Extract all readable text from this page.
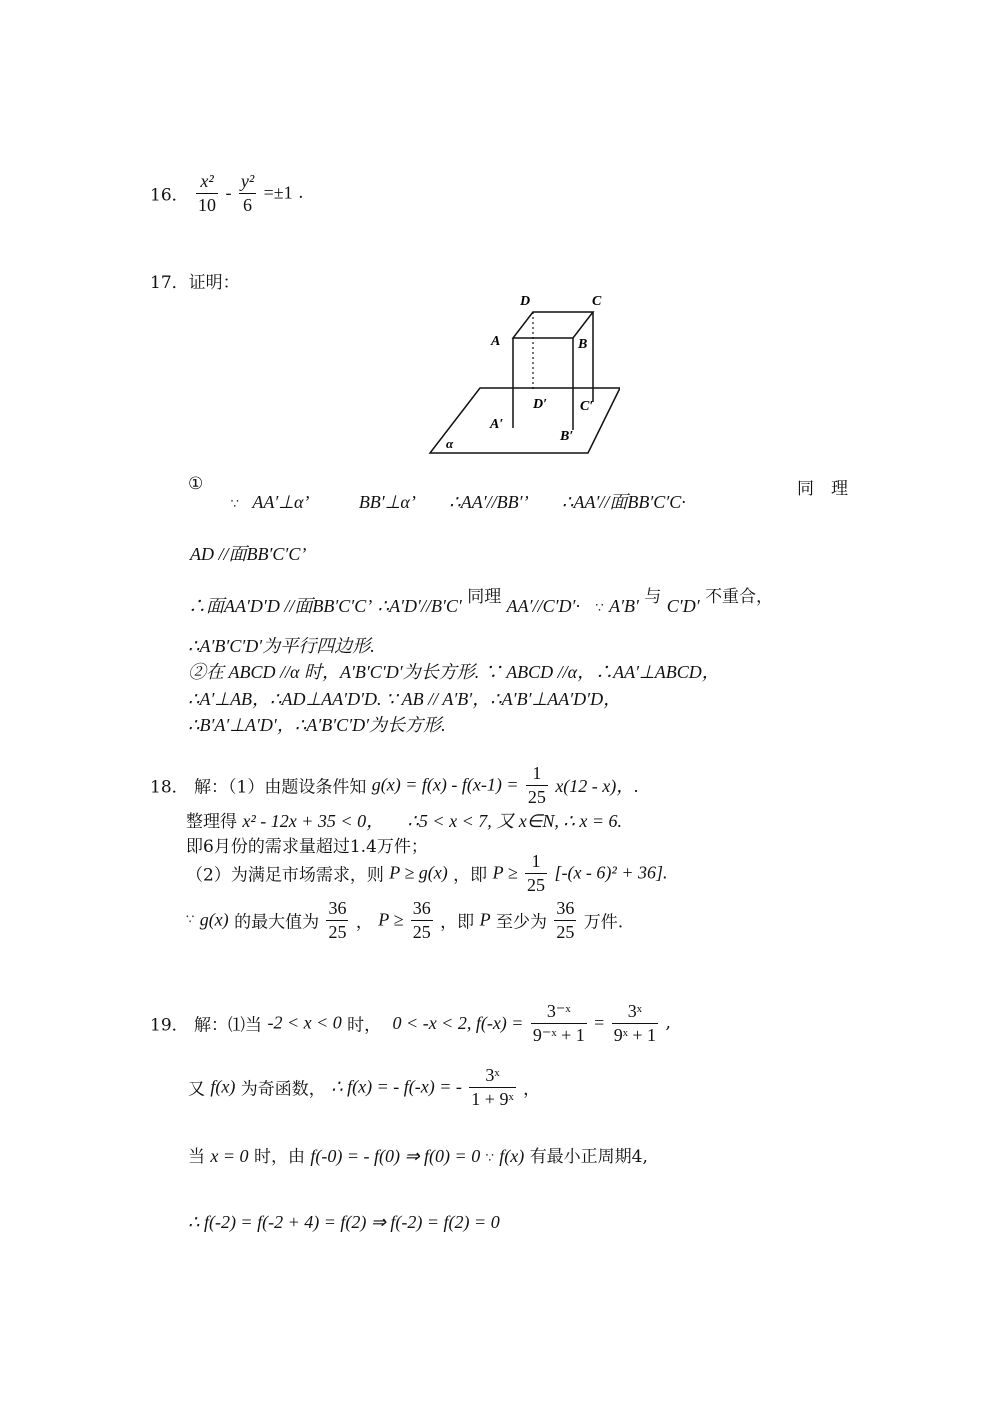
16． $\frac{\text{x²}}{10} - \frac{\text{y²}}{6} =\pm 1$ .
17．证明：
D	C
A	B
D′ C′
A′
B′
α
① $_\because$ AA′⊥α’	BB′⊥α’ ∴AA′//BB′’ ∴AA′//面BB′C′C·
同　理
AD //面BB′C′C’
∴面AA′D′D //面BB′C′C’ ∴A′D′//B′C′ 同理 AA′//C′D′· $_\because$ A′B′ 与 C′D′ 不重合，
∴A′B′C′D′为平行四边形.
②在 ABCD //α 时，A′B′C′D′为长方形. ∵ ABCD //α，∴AA′⊥ABCD，
∴A′⊥AB，∴AD⊥AA′D′D. ∵ AB // A′B′，∴A′B′⊥AA′D′D，
∴B′A′⊥A′D′，∴A′B′C′D′为长方形.
18． 解：（1）由题设条件知 $g(x) = f(x) - f(x-1) = \frac{1}{25} x(12 - x)$，.
整理得 x² - 12x + 35 < 0， ∴5 < x < 7, 又 x∈N, ∴ x = 6.
即6月份的需求量超过1.4万件；
（2）为满足市场需求，则 P ≥ g(x) ，即 $P \ge \frac{1}{25} [-(x - 6)^2 + 36]$.
∵ g(x) 的最大值为 $\frac{36}{25}$ ， $P \ge \frac{36}{25}$ ，即 P 至少为 $\frac{36}{25}$ 万件.
19． 解：⑴当 -2 < x < 0 时， 0 < -x < 2, $f(-x) = \frac{\text{3⁻ˣ}}{\text{9⁻ˣ + 1}} = \frac{\text{3ˣ}}{\text{9ˣ + 1}}$ ,
又 f(x) 为奇函数， ∴ f(x) = - f(-x) = - $\frac{\text{3ˣ}}{\text{1 + 9ˣ}}$ ，
当 x = 0 时，由 f(-0) = - f(0) ⇒ f(0) = 0 ∵ f(x) 有最小正周期4,
∴ f(-2) = f(-2 + 4) = f(2) ⇒ f(-2) = f(2) = 0
